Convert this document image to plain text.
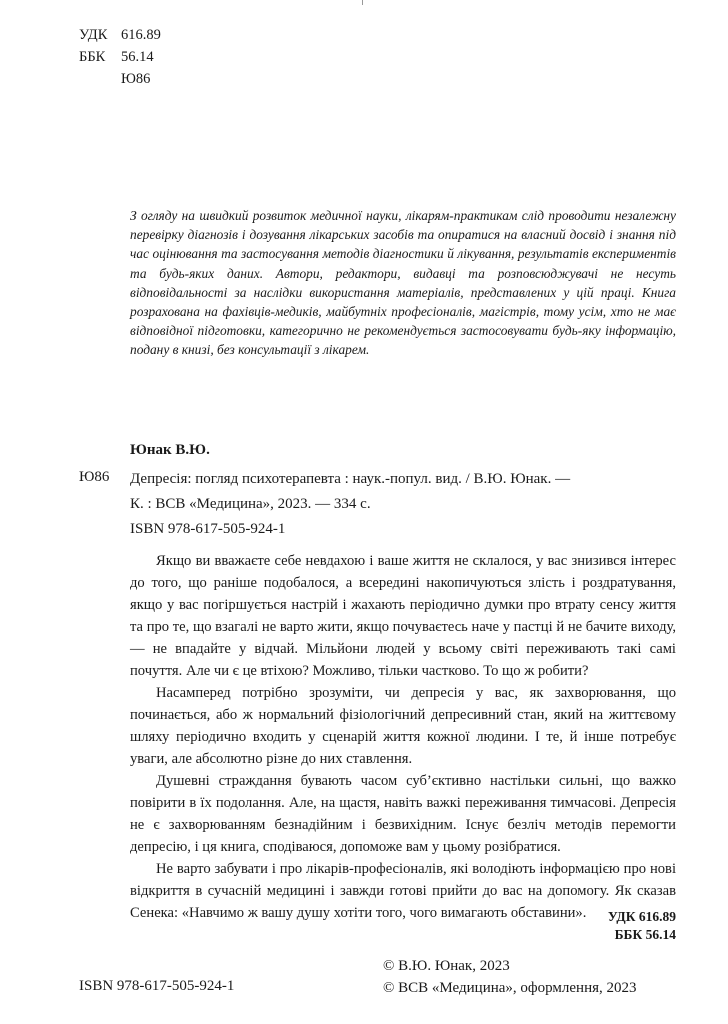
УДК 616.89
ББК 56.14
Ю86
З огляду на швидкий розвиток медичної науки, лікарям-практикам слід проводити незалежну перевірку діагнозів і дозування лікарських засобів та опиратися на власний досвід і знання під час оцінювання та застосування методів діагностики й лікування, результатів експериментів та будь-яких даних. Автори, редактори, видавці та розповсюджувачі не несуть відповідальності за наслідки використання матеріалів, представлених у цій праці. Книга розрахована на фахівців-медиків, майбутніх професіоналів, магістрів, тому усім, хто не має відповідної підготовки, категорично не рекомендується застосовувати будь-яку інформацію, подану в книзі, без консультації з лікарем.
Юнак В.Ю.
Ю86 Депресія: погляд психотерапевта : наук.-попул. вид. / В.Ю. Юнак. —
К. : ВСВ «Медицина», 2023. — 334 с.
ISBN 978-617-505-924-1

Якщо ви вважаєте себе невдахою і ваше життя не склалося, у вас знизився інтерес до того, що раніше подобалося, а всередині накопичуються злість і роздратування, якщо у вас погіршується настрій і жахають періодично думки про втрату сенсу життя та про те, що взагалі не варто жити, якщо почуваєтесь наче у пастці й не бачите виходу, — не впадайте у відчай. Мільйони людей у всьому світі переживають такі самі почуття. Але чи є це втіхою? Можливо, тільки частково. То що ж робити?

Насамперед потрібно зрозуміти, чи депресія у вас, як захворювання, що починається, або ж нормальний фізіологічний депресивний стан, який на життєвому шляху періодично входить у сценарій життя кожної людини. І те, й інше потребує уваги, але абсолютно різне до них ставлення.

Душевні страждання бувають часом суб’єктивно настільки сильні, що важко повірити в їх подолання. Але, на щастя, навіть важкі переживання тимчасові. Депресія не є захворюванням безнадійним і безвихідним. Існує безліч методів перемогти депресію, і ця книга, сподіваюся, допоможе вам у цьому розібратися.

Не варто забувати і про лікарів-професіоналів, які володіють інформацією про нові відкриття в сучасній медицині і завжди готові прийти до вас на допомогу. Як сказав Сенека: «Навчимо ж вашу душу хотіти того, чого вимагають обставини».	УДК 616.89
ББК 56.14
ISBN 978-617-505-924-1
© В.Ю. Юнак, 2023
© ВСВ «Медицина», оформлення, 2023
